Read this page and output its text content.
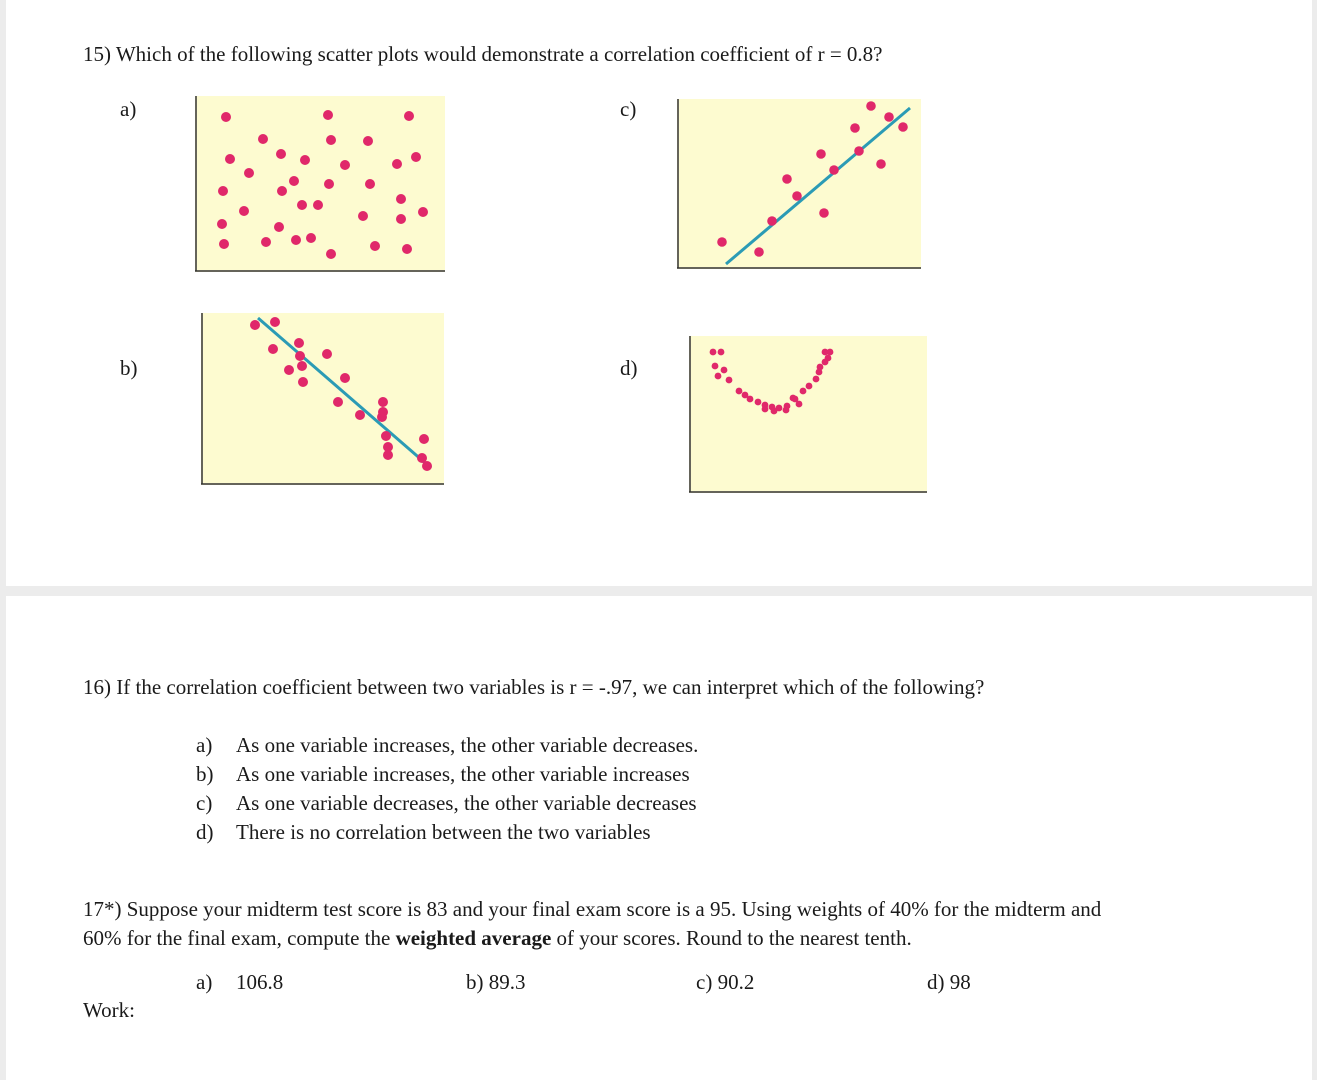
15) Which of the following scatter plots would demonstrate a correlation coefficient of r = 0.8?
a)	c)
b)	d)
16) If the correlation coefficient between two variables is r = -.97, we can interpret which of the following?
a)	As one variable increases, the other variable decreases.
b)	As one variable increases, the other variable increases
c)	As one variable decreases, the other variable decreases
d)	There is no correlation between the two variables
17*) Suppose your midterm test score is 83 and your final exam score is a 95. Using weights of 40% for the midterm and
60% for the final exam, compute the weighted average of your scores. Round to the nearest tenth.
a) 106.8	b) 89.3	c) 90.2	d) 98
Work:
